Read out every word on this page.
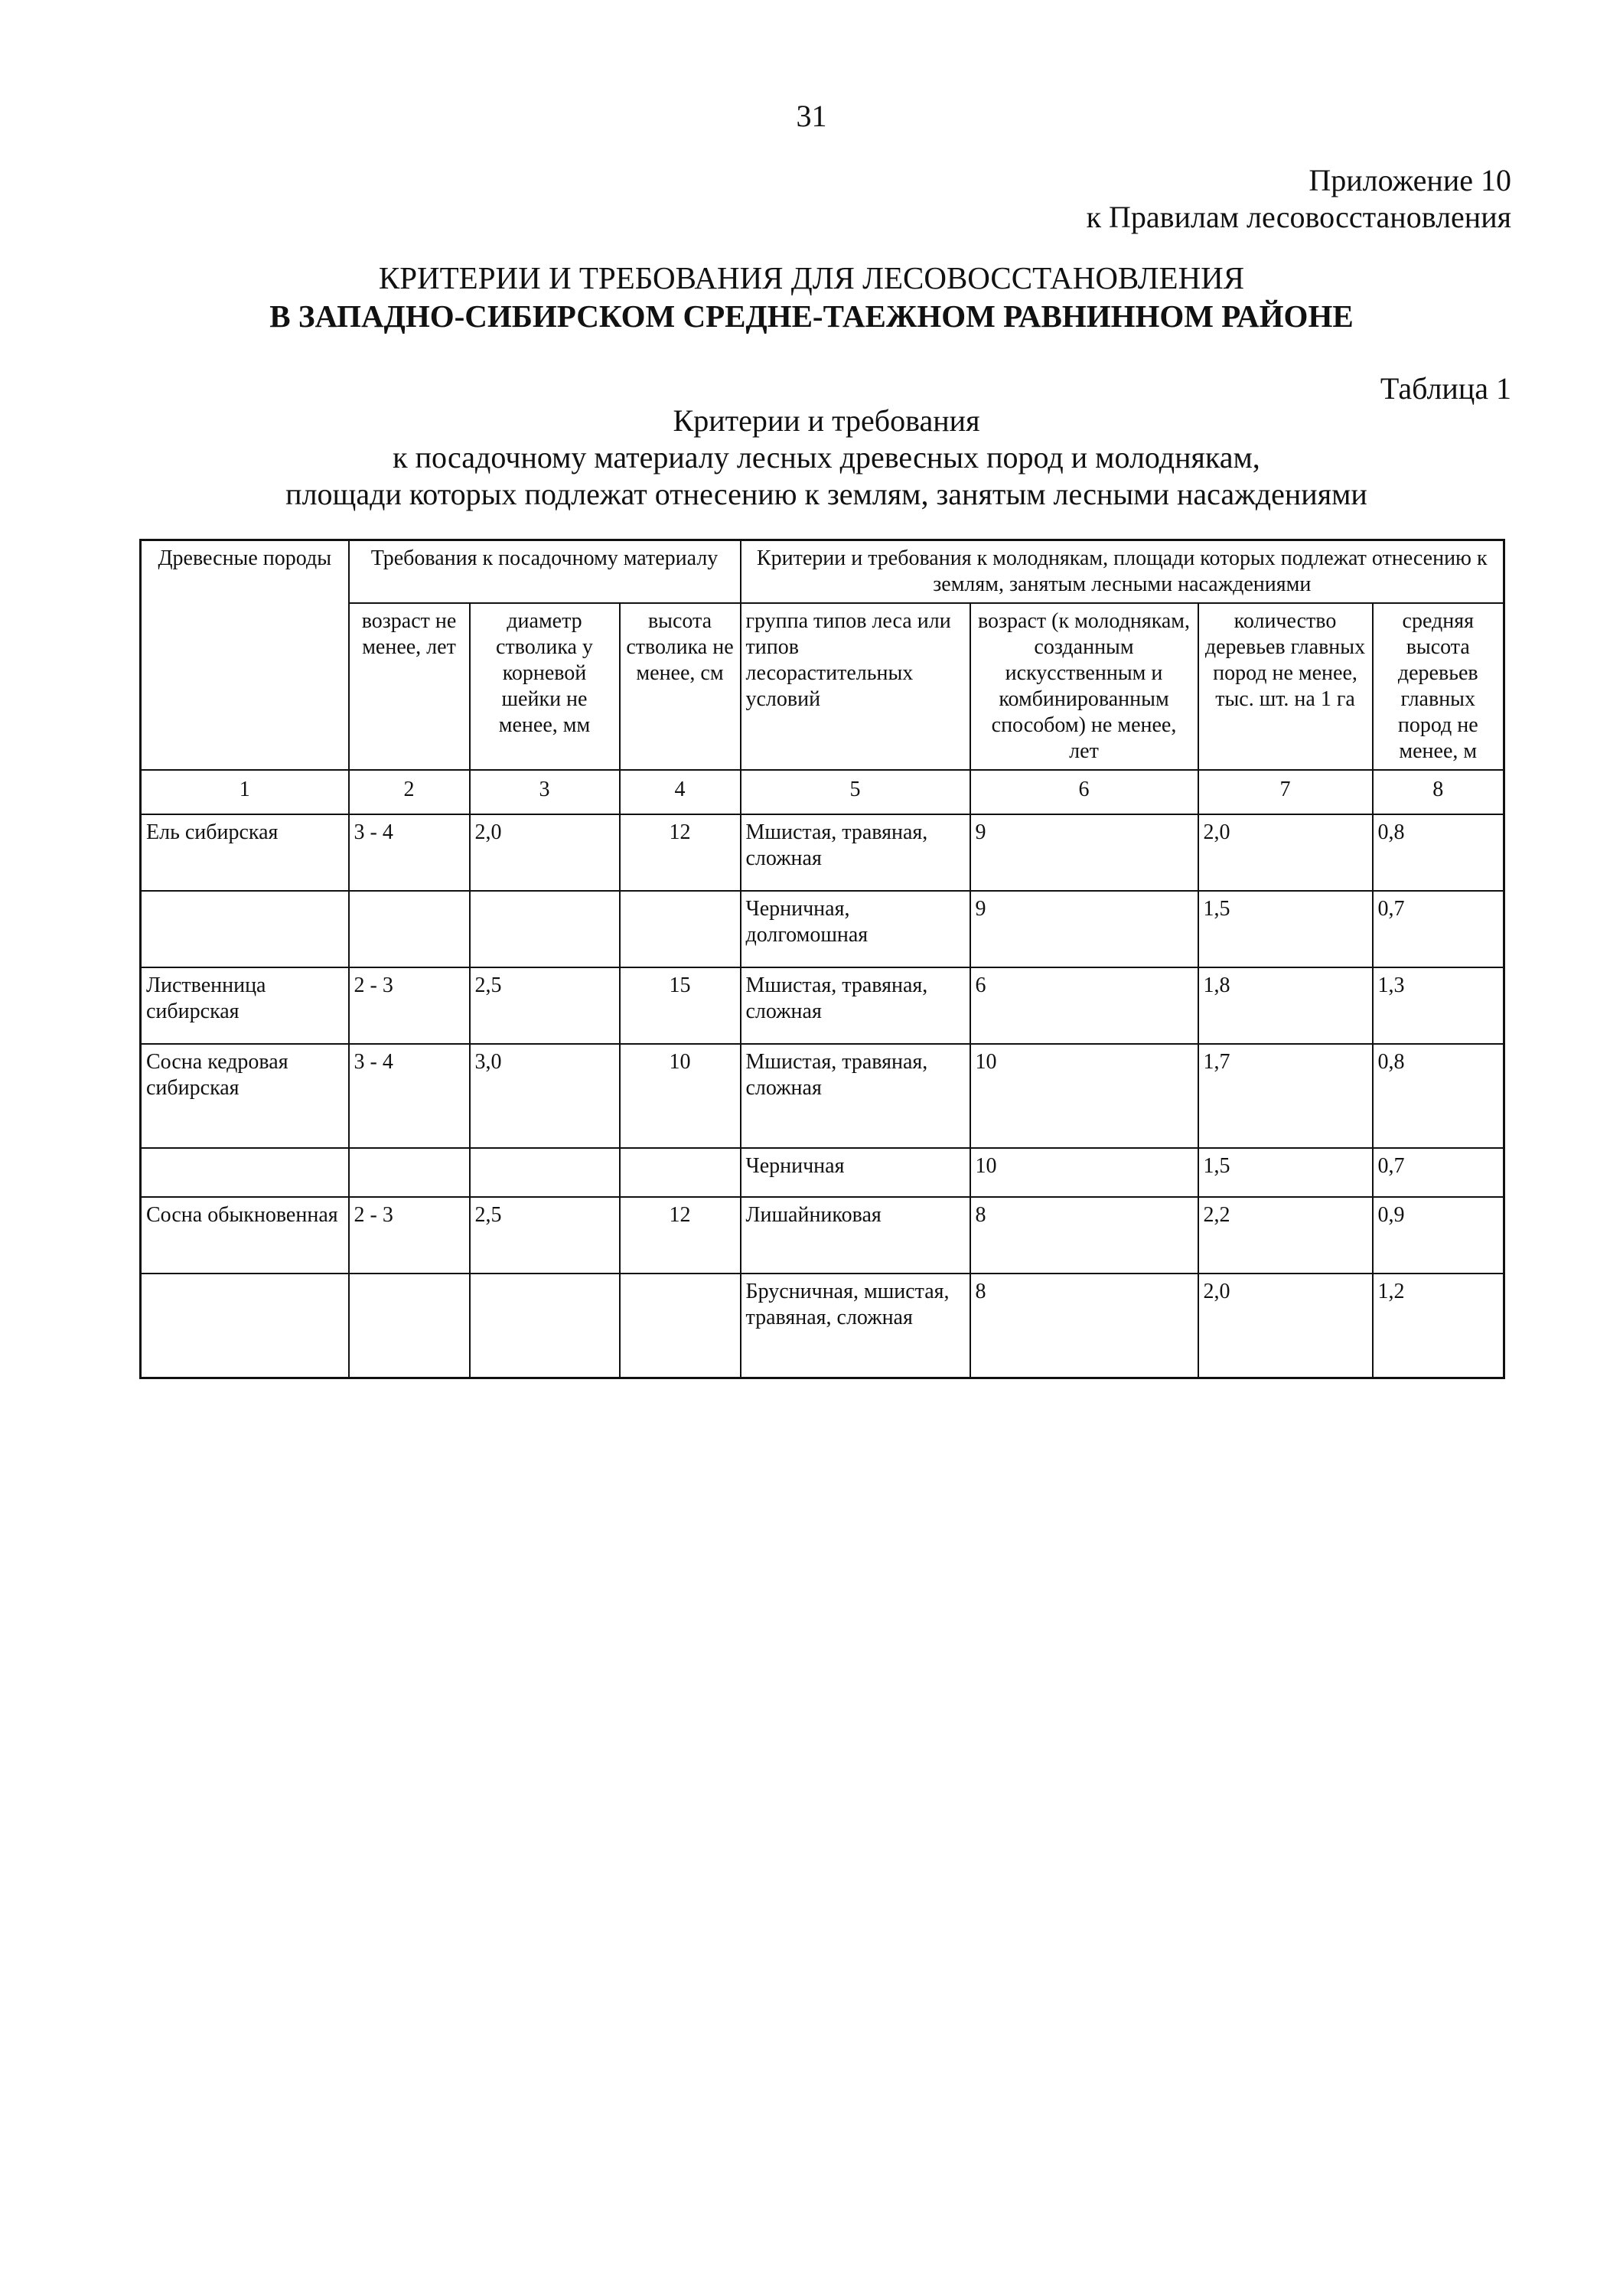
31
Приложение 10
к Правилам лесовосстановления
КРИТЕРИИ И ТРЕБОВАНИЯ ДЛЯ ЛЕСОВОССТАНОВЛЕНИЯ
В ЗАПАДНО-СИБИРСКОМ СРЕДНЕ-ТАЕЖНОМ РАВНИННОМ РАЙОНЕ
Таблица 1
Критерии и требования
к посадочному материалу лесных древесных пород и молоднякам,
площади которых подлежат отнесению к землям, занятым лесными насаждениями
Древесные породы	Требования к посадочному материалу			Критерии и требования к молоднякам, площади которых подлежат отнесению к землям, занятым лесными насаждениями			
	возраст не менее, лет	диаметр стволика у корневой шейки не менее, мм	высота стволика не менее, см	группа типов леса или типов лесорастительных условий	возраст (к молоднякам, созданным искусственным и комбинированным способом) не менее, лет	количество деревьев главных пород не менее, тыс. шт. на 1 га	средняя высота деревьев главных пород не менее, м
1	2	3	4	5	6	7	8
Ель сибирская	3 - 4	2,0	12	Мшистая, травяная, сложная	9	2,0	0,8
				Черничная, долгомошная	9	1,5	0,7
Лиственница сибирская	2 - 3	2,5	15	Мшистая, травяная, сложная	6	1,8	1,3
Сосна кедровая сибирская	3 - 4	3,0	10	Мшистая, травяная, сложная	10	1,7	0,8
				Черничная	10	1,5	0,7
Сосна обыкновенная	2 - 3	2,5	12	Лишайниковая	8	2,2	0,9
				Брусничная, мшистая, травяная, сложная	8	2,0	1,2
